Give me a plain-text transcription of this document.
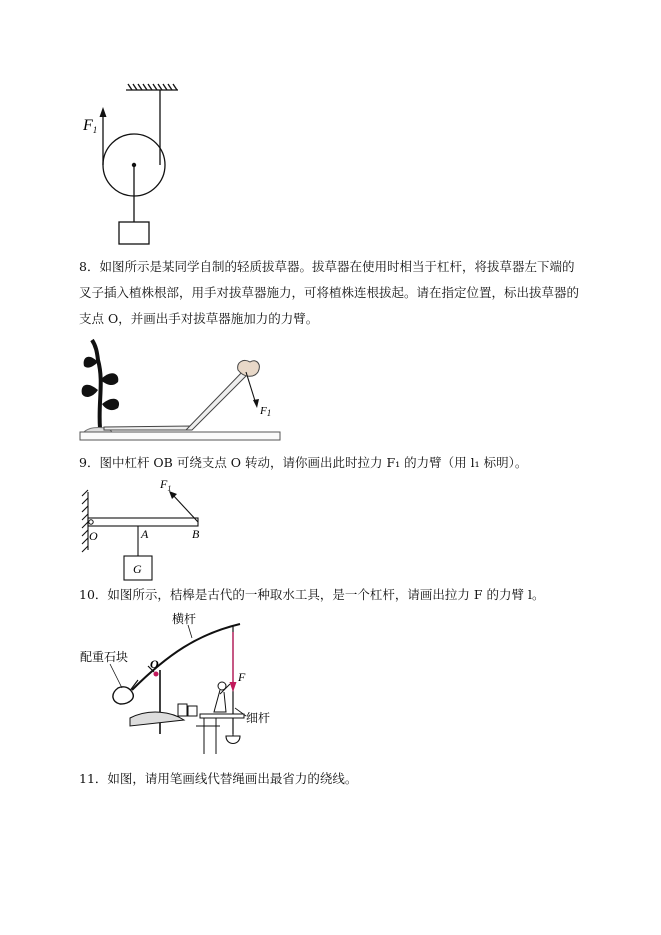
F1

8．如图所示是某同学自制的轻质拔草器。拔草器在使用时相当于杠杆，将拔草器左下端的叉子插入植株根部，用手对拔草器施力，可将植株连根拔起。请在指定位置，标出拔草器的支点 O，并画出手对拔草器施加力的力臂。

F1

9．图中杠杆 OB 可绕支点 O 转动，请你画出此时拉力 F₁ 的力臂（用 l₁ 标明）。

$F_1$
O	A	B
G

10．如图所示，桔槔是古代的一种取水工具，是一个杠杆，请画出拉力 F 的力臂 l。

横杆
配重石块 O
F
细杆

11．如图，请用笔画线代替绳画出最省力的绕线。
